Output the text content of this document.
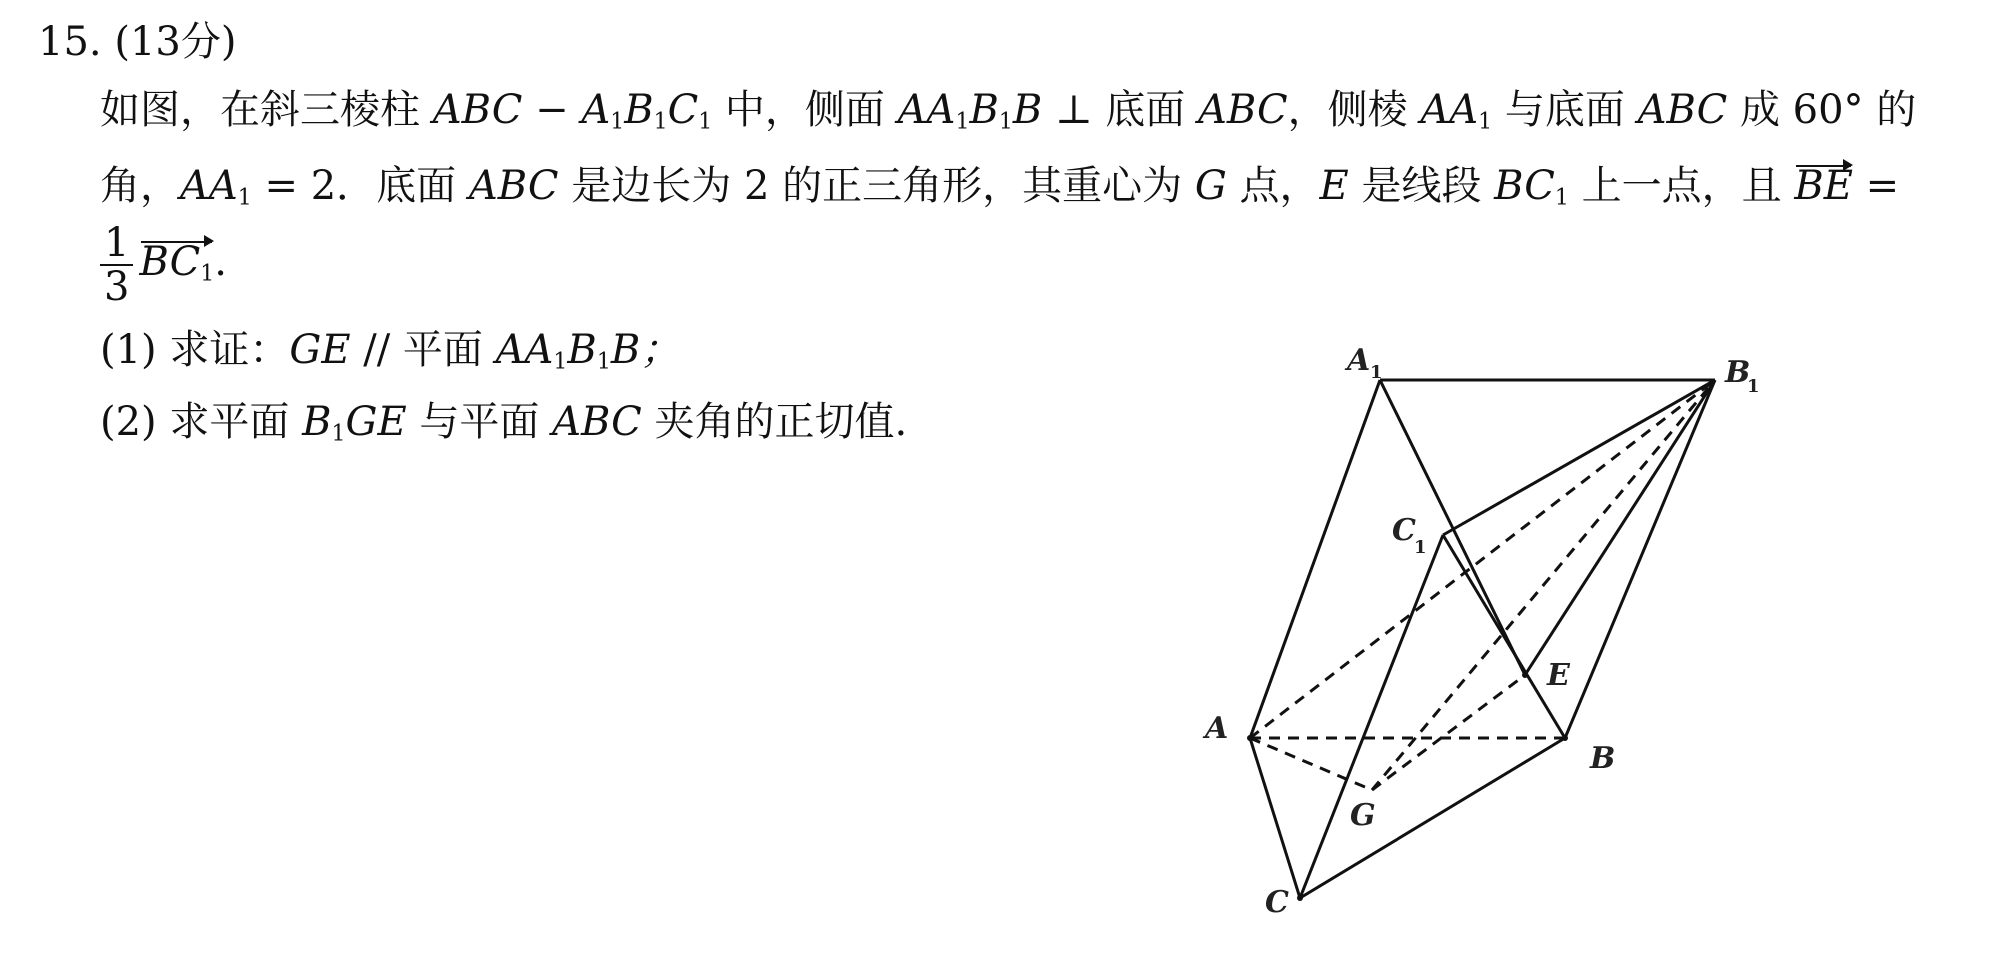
15. (13分)
如图，在斜三棱柱 ABC − $A_1B_1C_1$ 中，侧面 $AA_1B_1B$ ⊥ 底面 ABC，侧棱 $AA_1$ 与底面 ABC 成 60° 的
角，$AA_1 = 2$．底面 ABC 是边长为 2 的正三角形，其重心为 G 点，E 是线段 $BC_1$ 上一点，且 BE =
$\frac{1}{3} BC_1$.
(1) 求证：GE // 平面 $AA_1B_1B$；
(2) 求平面 $B_1GE$ 与平面 ABC 夹角的正切值.
A 1	B
1
C
1
A
B
C
E
G
